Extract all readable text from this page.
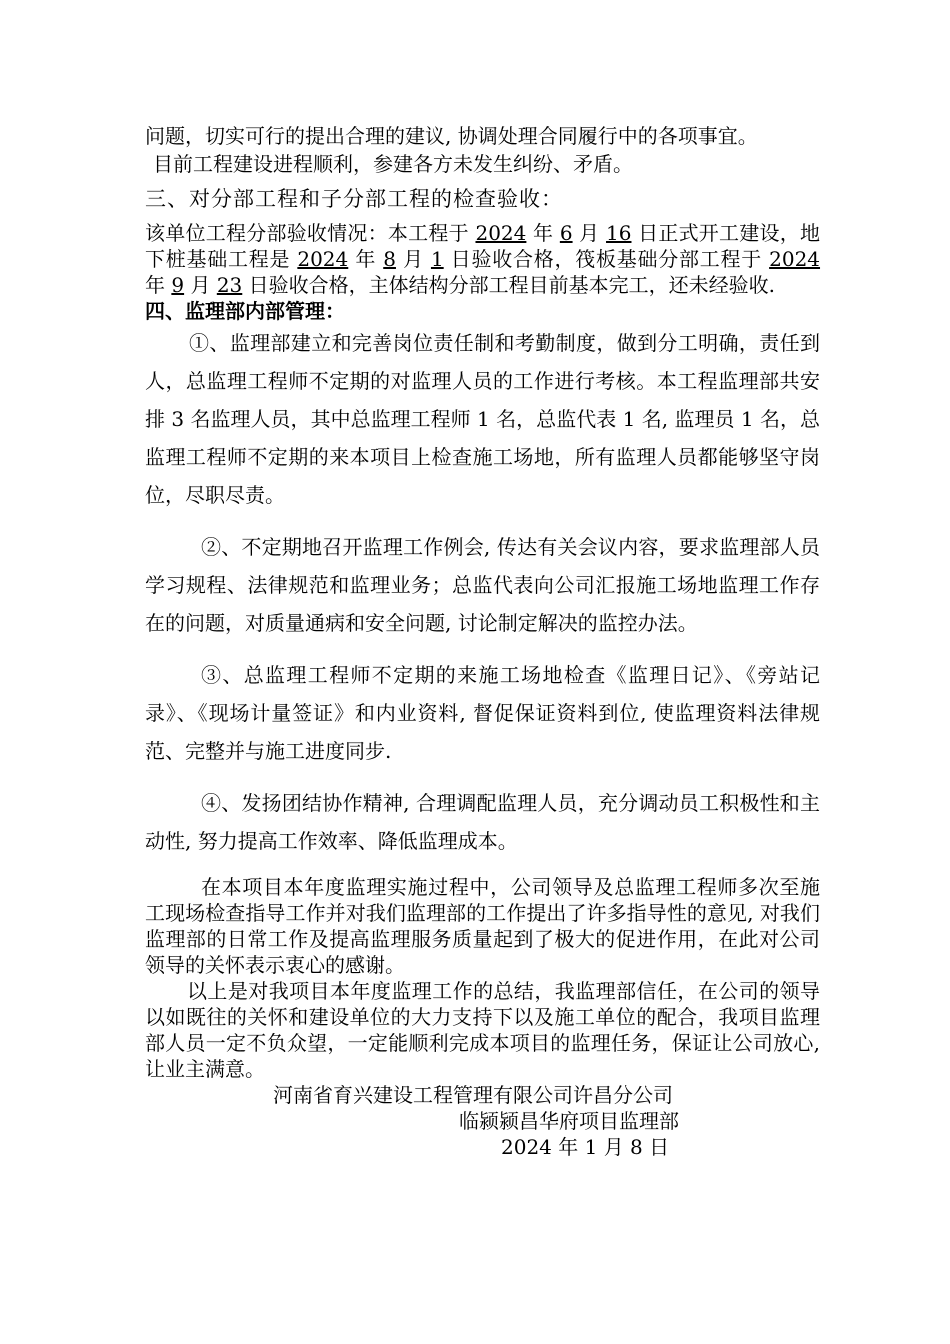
问题，切实可行的提出合理的建议, 协调处理合同履行中的各项事宜。

目前工程建设进程顺利，参建各方未发生纠纷、矛盾。

三、对分部工程和子分部工程的检查验收：

该单位工程分部验收情况：本工程于 2024 年 6 月 16 日正式开工建设，地下桩基础工程是 2024 年 8 月 1 日验收合格，筏板基础分部工程于 2024 年 9 月 23 日验收合格，主体结构分部工程目前基本完工，还未经验收.

四、监理部内部管理：

①、监理部建立和完善岗位责任制和考勤制度，做到分工明确，责任到人，总监理工程师不定期的对监理人员的工作进行考核。本工程监理部共安排 3 名监理人员，其中总监理工程师 1 名，总监代表 1 名, 监理员 1 名，总监理工程师不定期的来本项目上检查施工场地，所有监理人员都能够坚守岗位，尽职尽责。

②、不定期地召开监理工作例会, 传达有关会议内容，要求监理部人员学习规程、法律规范和监理业务；总监代表向公司汇报施工场地监理工作存在的问题，对质量通病和安全问题, 讨论制定解决的监控办法。

③、总监理工程师不定期的来施工场地检查《监理日记》、《旁站记录》、《现场计量签证》和内业资料, 督促保证资料到位, 使监理资料法律规范、完整并与施工进度同步.

④、发扬团结协作精神, 合理调配监理人员，充分调动员工积极性和主动性, 努力提高工作效率、降低监理成本。

在本项目本年度监理实施过程中，公司领导及总监理工程师多次至施工现场检查指导工作并对我们监理部的工作提出了许多指导性的意见, 对我们监理部的日常工作及提高监理服务质量起到了极大的促进作用，在此对公司领导的关怀表示衷心的感谢。

以上是对我项目本年度监理工作的总结，我监理部信任，在公司的领导以如既往的关怀和建设单位的大力支持下以及施工单位的配合，我项目监理部人员一定不负众望，一定能顺利完成本项目的监理任务，保证让公司放心, 让业主满意。

河南省育兴建设工程管理有限公司许昌分公司

临颍颍昌华府项目监理部

2024 年 1 月 8 日
